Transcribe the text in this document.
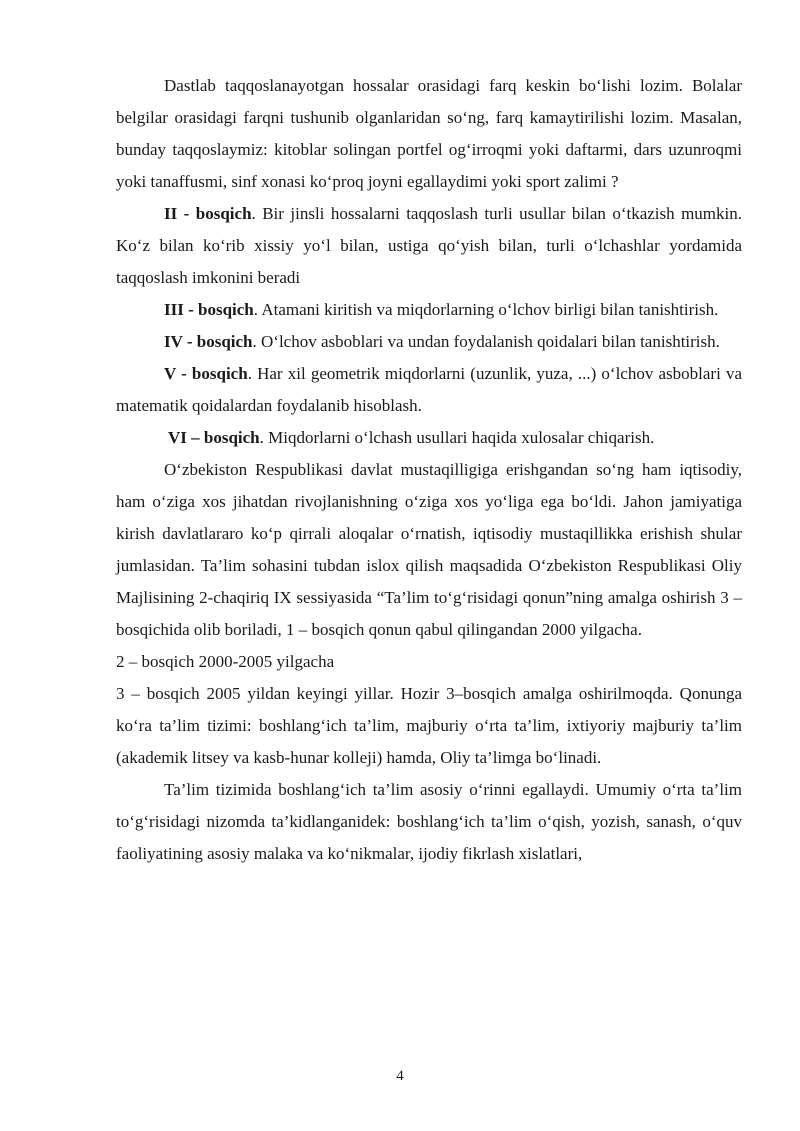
Dastlab taqqoslanayotgan hossalar orasidagi farq keskin bo‘lishi lozim. Bolalar belgilar orasidagi farqni tushunib olganlaridan so‘ng, farq kamaytirilishi lozim. Masalan, bunday taqqoslaymiz: kitoblar solingan portfel og‘irroqmi yoki daftarmi, dars uzunroqmi yoki tanaffusmi, sinf xonasi ko‘proq joyni egallaydimi yoki sport zalimi ?

II - bosqich. Bir jinsli hossalarni taqqoslash turli usullar bilan o‘tkazish mumkin. Ko‘z bilan ko‘rib xissiy yo‘l bilan, ustiga qo‘yish bilan, turli o‘lchashlar yordamida taqqoslash imkonini beradi

III - bosqich. Atamani kiritish va miqdorlarning o‘lchov birligi bilan tanishtirish.

IV - bosqich. O‘lchov asboblari va undan foydalanish qoidalari bilan tanishtirish.

V - bosqich. Har xil geometrik miqdorlarni (uzunlik, yuza, ...) o‘lchov asboblari va matematik qoidalardan foydalanib hisoblash.

VI – bosqich. Miqdorlarni o‘lchash usullari haqida xulosalar chiqarish.

O‘zbekiston Respublikasi davlat mustaqilligiga erishgandan so‘ng ham iqtisodiy, ham o‘ziga xos jihatdan rivojlanishning o‘ziga xos yo‘liga ega bo‘ldi. Jahon jamiyatiga kirish davlatlararo ko‘p qirrali aloqalar o‘rnatish, iqtisodiy mustaqillikka erishish shular jumlasidan. Ta’lim sohasini tubdan islox qilish maqsadida O‘zbekiston Respublikasi Oliy Majlisining 2-chaqiriq IX sessiyasida “Ta’lim to‘g‘risidagi qonun”ning amalga oshirish 3 – bosqichida olib boriladi, 1 – bosqich qonun qabul qilingandan 2000 yilgacha.

2 – bosqich 2000-2005 yilgacha

3 – bosqich 2005 yildan keyingi yillar. Hozir 3–bosqich amalga oshirilmoqda. Qonunga ko‘ra ta’lim tizimi: boshlang‘ich ta’lim, majburiy o‘rta ta’lim, ixtiyoriy majburiy ta’lim (akademik litsey va kasb-hunar kolleji) hamda, Oliy ta’limga bo‘linadi.

Ta’lim tizimida boshlang‘ich ta’lim asosiy o‘rinni egallaydi. Umumiy o‘rta ta’lim to‘g‘risidagi nizomda ta’kidlanganidek: boshlang‘ich ta’lim o‘qish, yozish, sanash, o‘quv faoliyatining asosiy malaka va ko‘nikmalar, ijodiy fikrlash xislatlari,

4
